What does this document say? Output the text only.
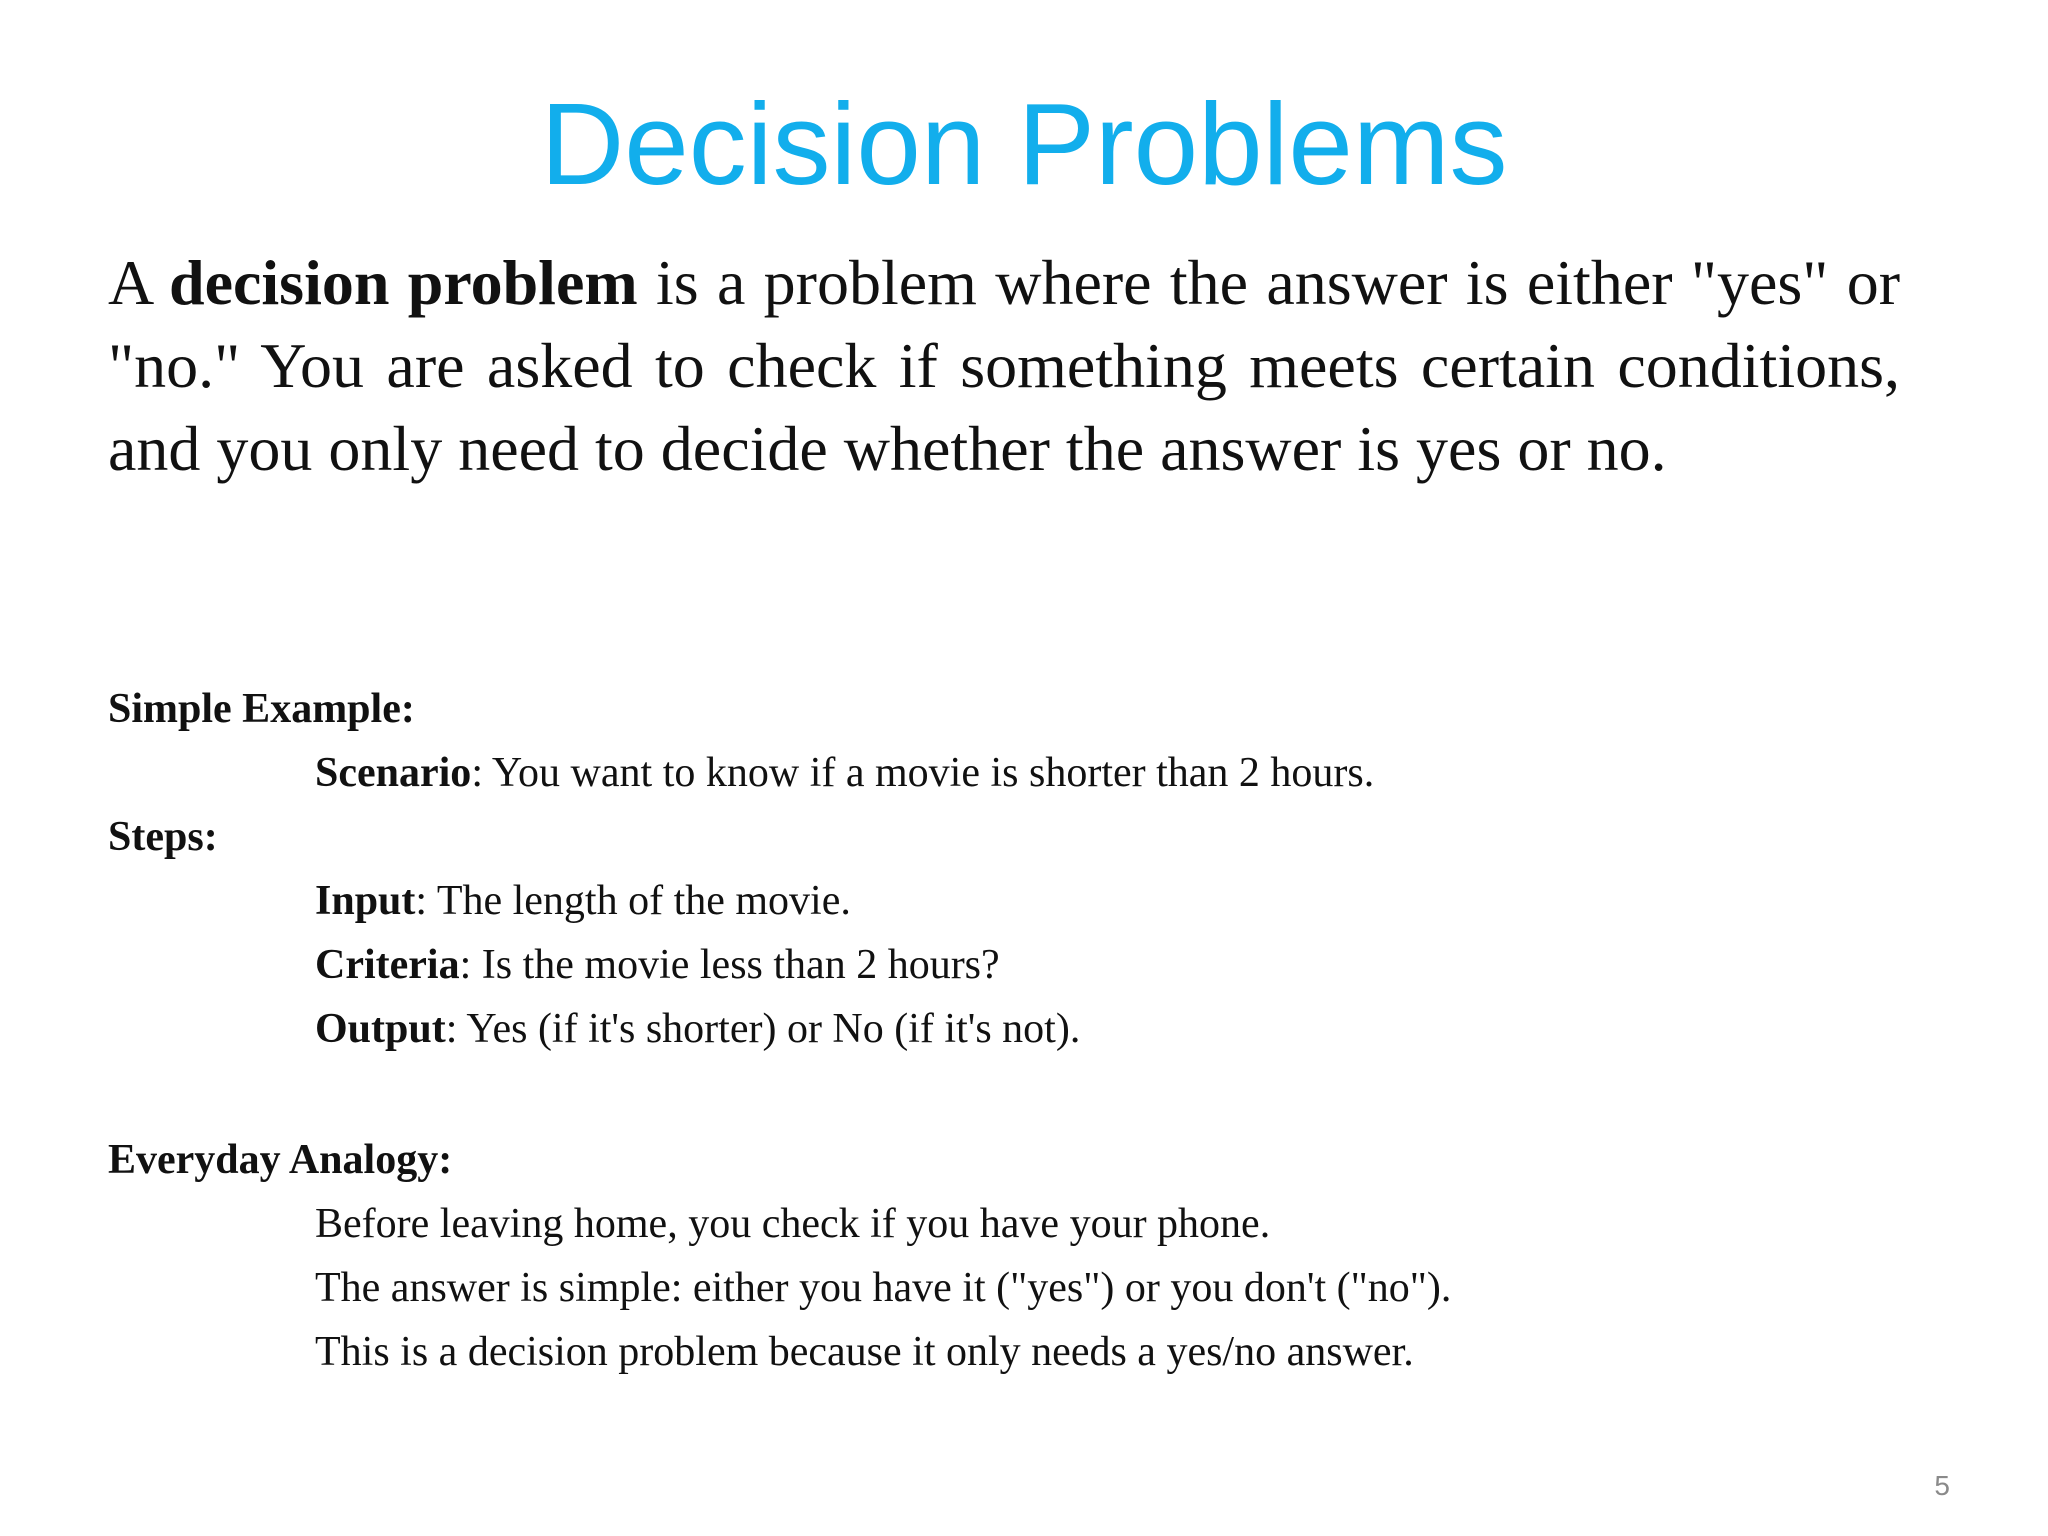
Decision Problems

A decision problem is a problem where the answer is either "yes" or "no." You are asked to check if something meets certain conditions, and you only need to decide whether the answer is yes or no.

Simple Example:

Scenario: You want to know if a movie is shorter than 2 hours.

Steps:

Input: The length of the movie.

Criteria: Is the movie less than 2 hours?

Output: Yes (if it's shorter) or No (if it's not).

Everyday Analogy:

Before leaving home, you check if you have your phone.

The answer is simple: either you have it ("yes") or you don't ("no").

This is a decision problem because it only needs a yes/no answer.

5
